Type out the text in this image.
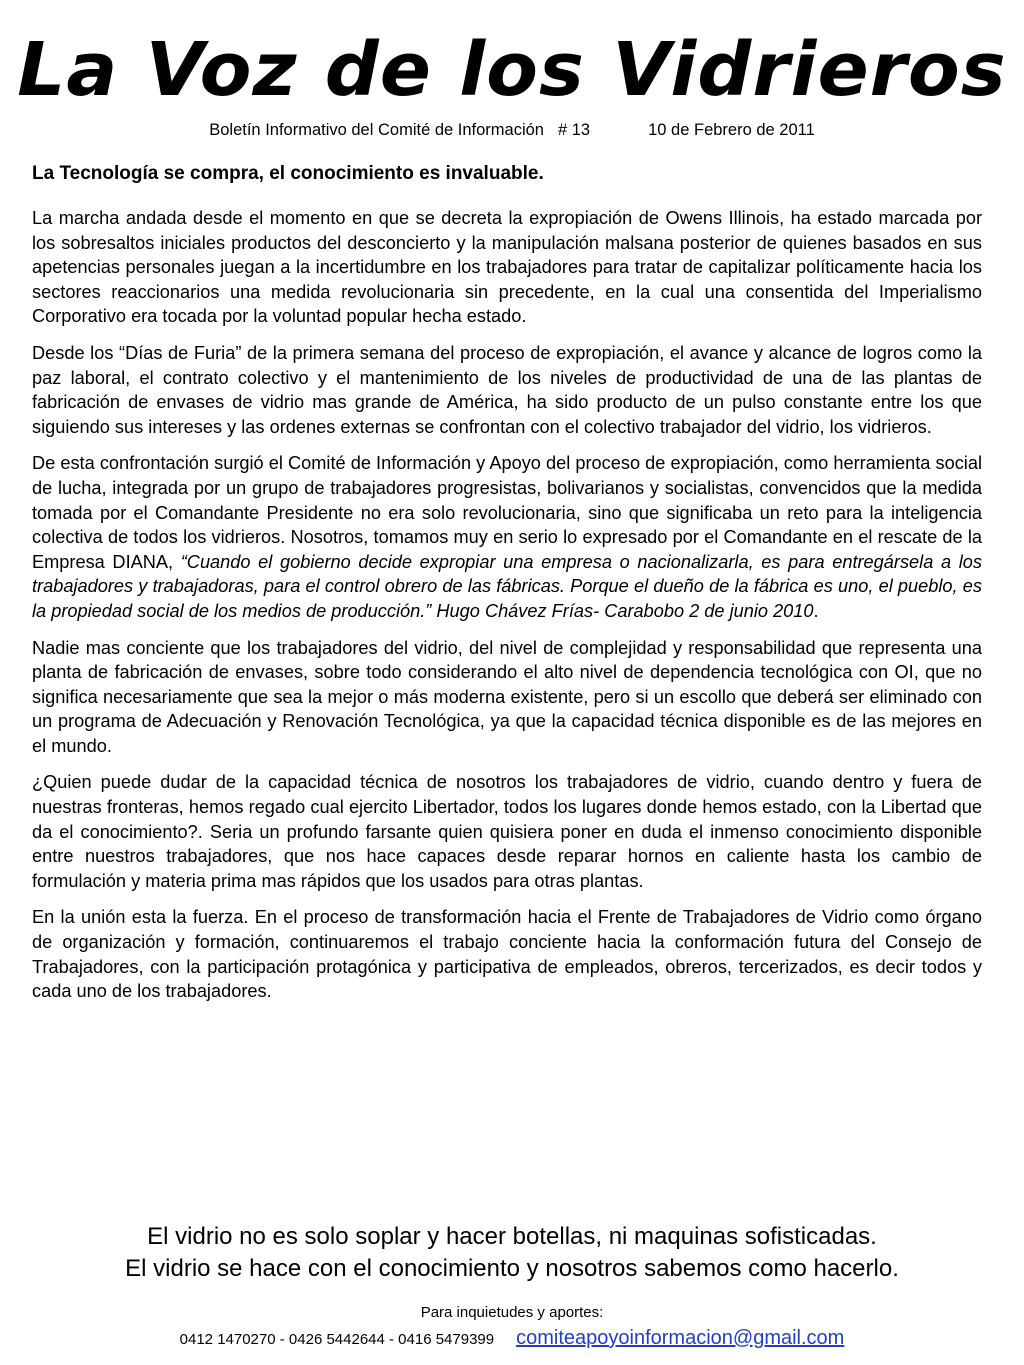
La Voz de los Vidrieros
Boletín Informativo del Comité de Información # 13	10 de Febrero de 2011
La Tecnología se compra, el conocimiento es invaluable.

La marcha andada desde el momento en que se decreta la expropiación de Owens Illinois, ha estado marcada por los sobresaltos iniciales productos del desconcierto y la manipulación malsana posterior de quienes basados en sus apetencias personales juegan a la incertidumbre en los trabajadores para tratar de capitalizar políticamente hacia los sectores reaccionarios una medida revolucionaria sin precedente, en la cual una consentida del Imperialismo Corporativo era tocada por la voluntad popular hecha estado.

Desde los “Días de Furia” de la primera semana del proceso de expropiación, el avance y alcance de logros como la paz laboral, el contrato colectivo y el mantenimiento de los niveles de productividad de una de las plantas de fabricación de envases de vidrio mas grande de América, ha sido producto de un pulso constante entre los que siguiendo sus intereses y las ordenes externas se confrontan con el colectivo trabajador del vidrio, los vidrieros.

De esta confrontación surgió el Comité de Información y Apoyo del proceso de expropiación, como herramienta social de lucha, integrada por un grupo de trabajadores progresistas, bolivarianos y socialistas, convencidos que la medida tomada por el Comandante Presidente no era solo revolucionaria, sino que significaba un reto para la inteligencia colectiva de todos los vidrieros. Nosotros, tomamos muy en serio lo expresado por el Comandante en el rescate de la Empresa DIANA, “Cuando el gobierno decide expropiar una empresa o nacionalizarla, es para entregársela a los trabajadores y trabajadoras, para el control obrero de las fábricas. Porque el dueño de la fábrica es uno, el pueblo, es la propiedad social de los medios de producción.” Hugo Chávez Frías- Carabobo 2 de junio 2010.

Nadie mas conciente que los trabajadores del vidrio, del nivel de complejidad y responsabilidad que representa una planta de fabricación de envases, sobre todo considerando el alto nivel de dependencia tecnológica con OI, que no significa necesariamente que sea la mejor o más moderna existente, pero si un escollo que deberá ser eliminado con un programa de Adecuación y Renovación Tecnológica, ya que la capacidad técnica disponible es de las mejores en el mundo.

¿Quien puede dudar de la capacidad técnica de nosotros los trabajadores de vidrio, cuando dentro y fuera de nuestras fronteras, hemos regado cual ejercito Libertador, todos los lugares donde hemos estado, con la Libertad que da el conocimiento?. Seria un profundo farsante quien quisiera poner en duda el inmenso conocimiento disponible entre nuestros trabajadores, que nos hace capaces desde reparar hornos en caliente hasta los cambio de formulación y materia prima mas rápidos que los usados para otras plantas.

En la unión esta la fuerza. En el proceso de transformación hacia el Frente de Trabajadores de Vidrio como órgano de organización y formación, continuaremos el trabajo conciente hacia la conformación futura del Consejo de Trabajadores, con la participación protagónica y participativa de empleados, obreros, tercerizados, es decir todos y cada uno de los trabajadores.

El vidrio no es solo soplar y hacer botellas, ni maquinas sofisticadas.
El vidrio se hace con el conocimiento y nosotros sabemos como hacerlo.
Para inquietudes y aportes:
0412 1470270 - 0426 5442644 - 0416 5479399 comiteapoyoinformacion@gmail.com
